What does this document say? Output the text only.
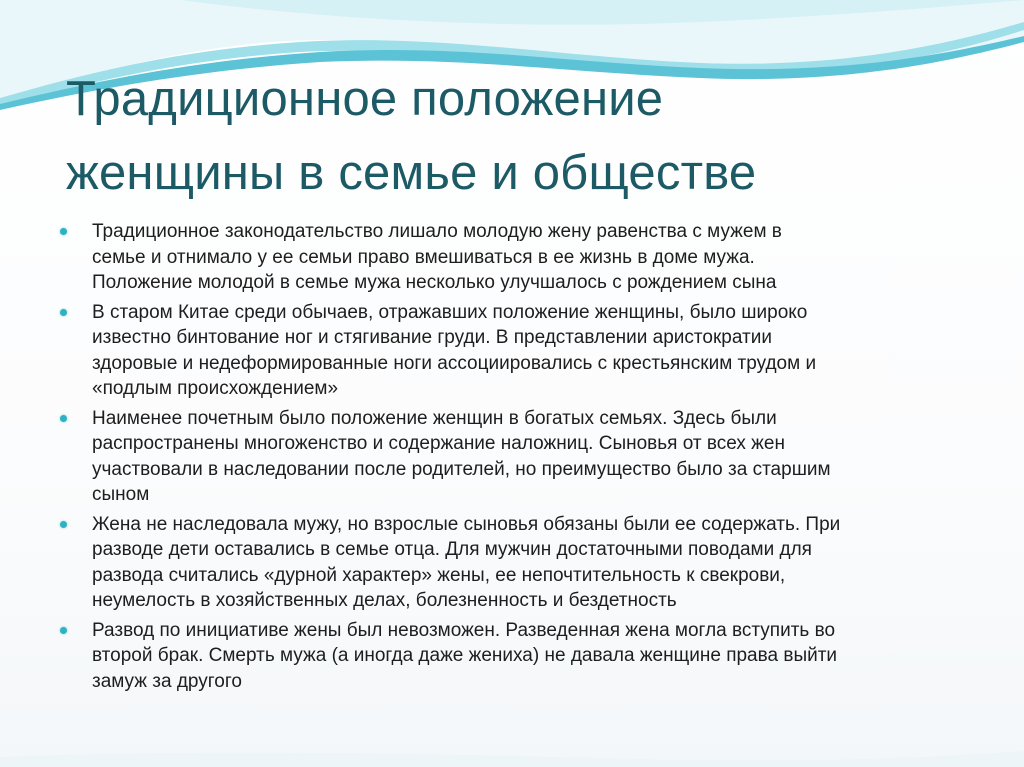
Традиционное положение
женщины в семье и обществе
Традиционное законодательство лишало молодую жену равенства с мужем в
семье и отнимало у ее семьи право вмешиваться в ее жизнь в доме мужа.
Положение молодой в семье мужа несколько улучшалось с рождением сына
В старом Китае среди обычаев, отражавших положение женщины, было широко
известно бинтование ног и стягивание груди. В представлении аристократии
здоровые и недеформированные ноги ассоциировались с крестьянским трудом и
«подлым происхождением»
Наименее почетным было положение женщин в богатых семьях. Здесь были
распространены многоженство и содержание наложниц. Сыновья от всех жен
участвовали в наследовании после родителей, но преимущество было за старшим
сыном
Жена не наследовала мужу, но взрослые сыновья обязаны были ее содержать. При
разводе дети оставались в семье отца. Для мужчин достаточными поводами для
развода считались «дурной характер» жены, ее непочтительность к свекрови,
неумелость в хозяйственных делах, болезненность и бездетность
Развод по инициативе жены был невозможен. Разведенная жена могла вступить во
второй брак. Смерть мужа (а иногда даже жениха) не давала женщине права выйти
замуж за другого
